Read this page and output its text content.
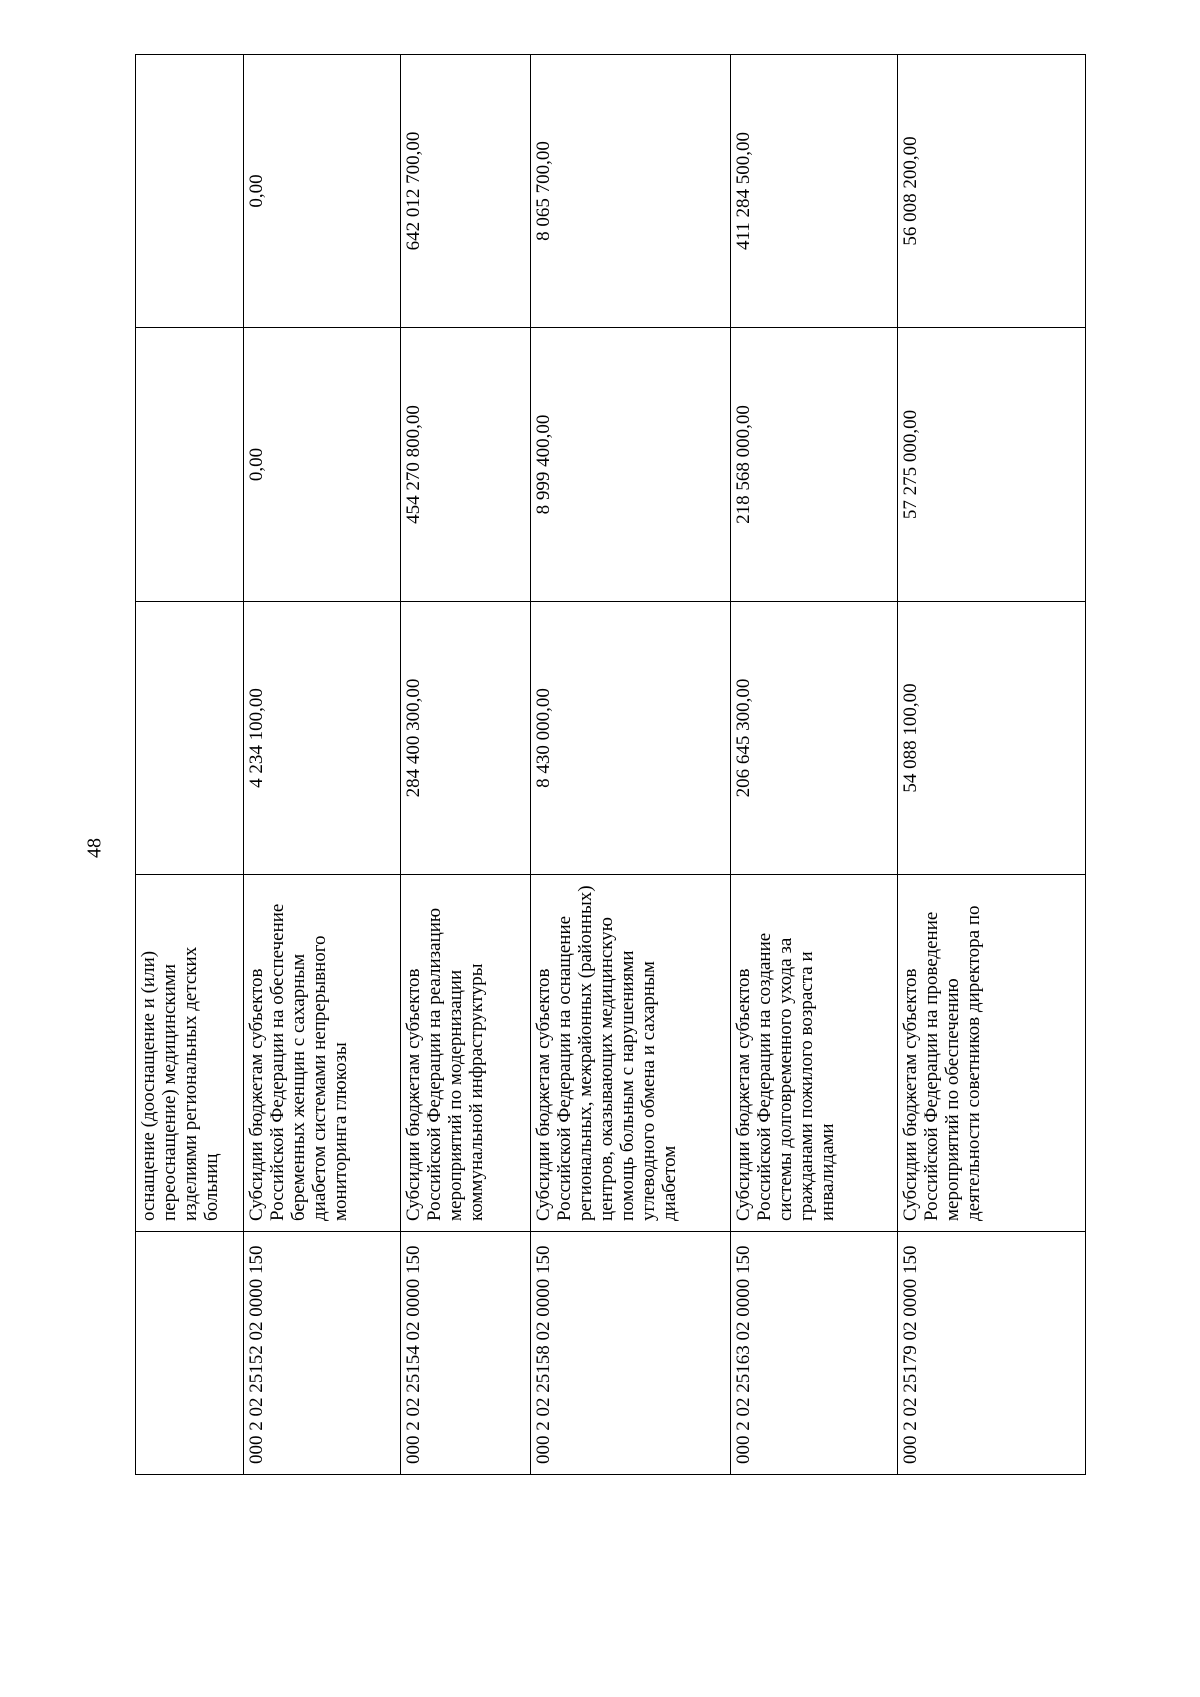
48
	оснащение (дооснащение и (или) переоснащение) медицинскими изделиями региональных детских больниц			
000 2 02 25152 02 0000 150	Субсидии бюджетам субъектов Российской Федерации на обеспечение беременных женщин с сахарным диабетом системами непрерывного мониторинга глюкозы	4 234 100,00	0,00	0,00
000 2 02 25154 02 0000 150	Субсидии бюджетам субъектов Российской Федерации на реализацию мероприятий по модернизации коммунальной инфраструктуры	284 400 300,00	454 270 800,00	642 012 700,00
000 2 02 25158 02 0000 150	Субсидии бюджетам субъектов Российской Федерации на оснащение региональных, межрайонных (районных) центров, оказывающих медицинскую помощь больным с нарушениями углеводного обмена и сахарным диабетом	8 430 000,00	8 999 400,00	8 065 700,00
000 2 02 25163 02 0000 150	Субсидии бюджетам субъектов Российской Федерации на создание системы долговременного ухода за гражданами пожилого возраста и инвалидами	206 645 300,00	218 568 000,00	411 284 500,00
000 2 02 25179 02 0000 150	Субсидии бюджетам субъектов Российской Федерации на проведение мероприятий по обеспечению деятельности советников директора по	54 088 100,00	57 275 000,00	56 008 200,00
